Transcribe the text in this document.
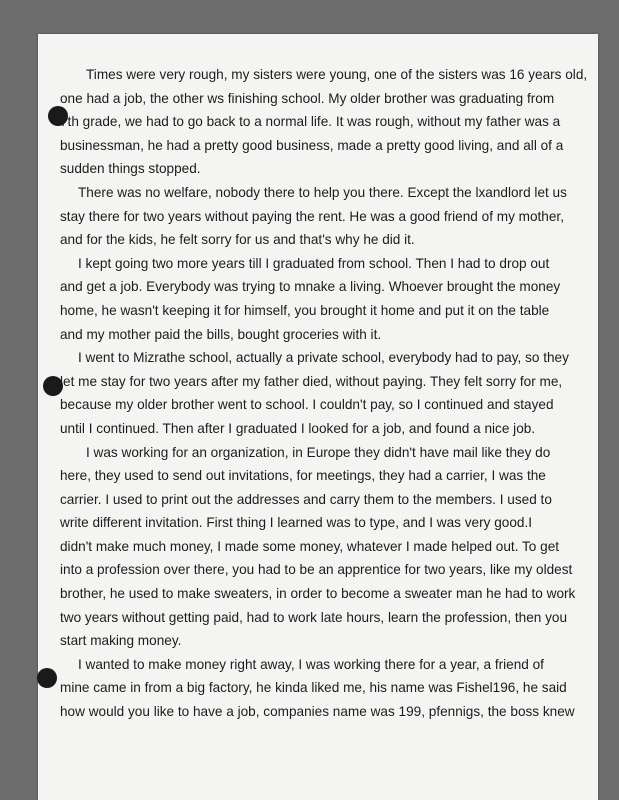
Times were very rough, my sisters were young, one of the sisters was 16 years old,
one had a job, the other ws finishing school. My older brother was graduating from
7th grade, we had to go back to a normal life. It was rough, without my father was a
businessman, he had a pretty good business, made a pretty good living, and all of a
sudden things stopped.
There was no welfare, nobody there to help you there. Except the lxandlord let us
stay there for two years without paying the rent. He was a good friend of my mother,
and for the kids, he felt sorry for us and that's why he did it.
I kept going two more years till I graduated from school. Then I had to drop out
and get a job. Everybody was trying to mnake a living. Whoever brought the money
home, he wasn't keeping it for himself, you brought it home and put it on the table
and my mother paid the bills, bought groceries with it.
I went to Mizrathe school, actually a private school, everybody had to pay, so they
let me stay for two years after my father died, without paying. They felt sorry for me,
because my older brother went to school. I couldn't pay, so I continued and stayed
until I continued. Then after I graduated I looked for a job, and found a nice job.
I was working for an organization, in Europe they didn't have mail like they do
here, they used to send out invitations, for meetings, they had a carrier, I was the
carrier. I used to print out the addresses and carry them to the members. I used to
write different invitation. First thing I learned was to type, and I was very good.I
didn't make much money, I made some money, whatever I made helped out. To get
into a profession over there, you had to be an apprentice for two years, like my oldest
brother, he used to make sweaters, in order to become a sweater man he had to work
two years without getting paid, had to work late hours, learn the profession, then you
start making money.
I wanted to make money right away, I was working there for a year, a friend of
mine came in from a big factory, he kinda liked me, his name was Fishel196, he said
how would you like to have a job, companies name was 199, pfennigs, the boss knew
